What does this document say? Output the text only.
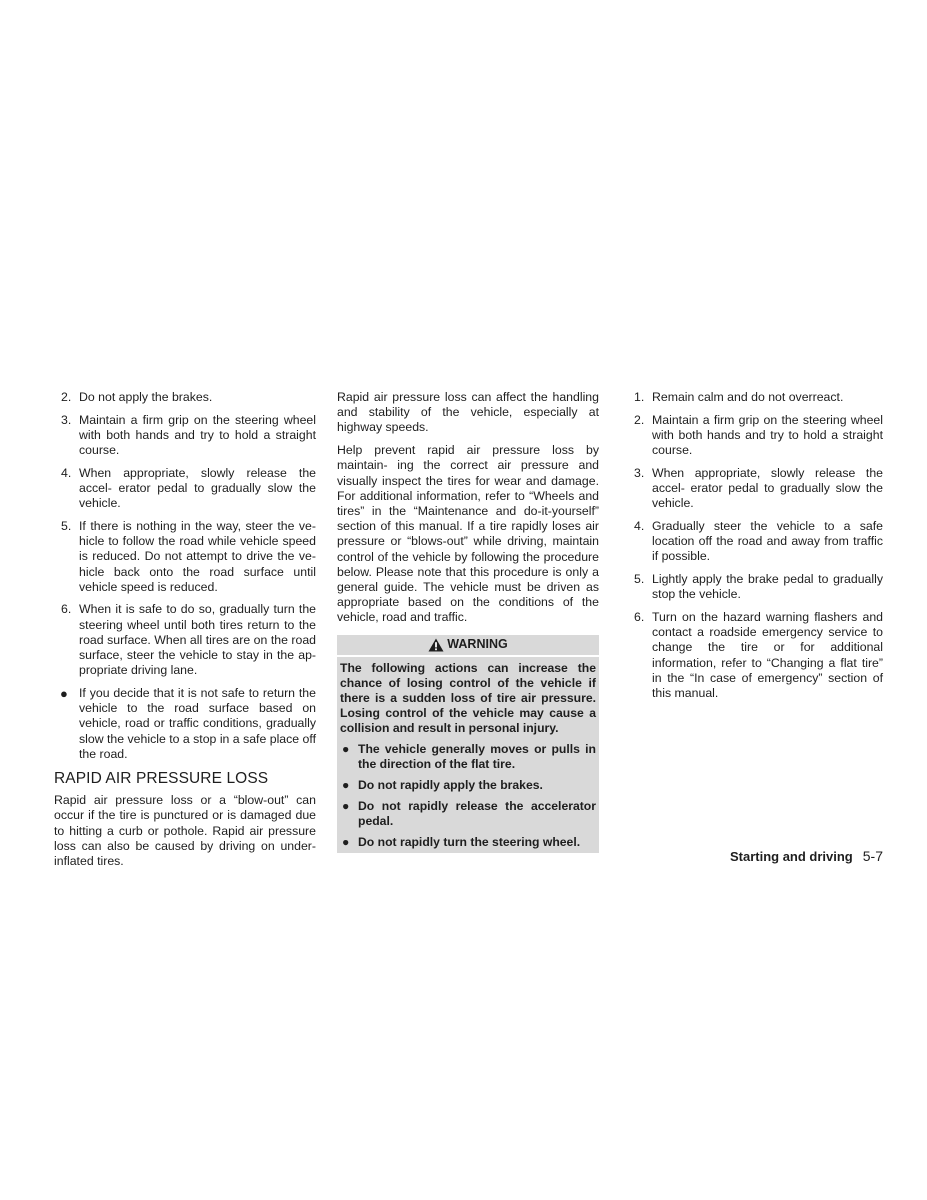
2. Do not apply the brakes.
3. Maintain a firm grip on the steering wheel with both hands and try to hold a straight course.
4. When appropriate, slowly release the accel- erator pedal to gradually slow the vehicle.
5. If there is nothing in the way, steer the ve- hicle to follow the road while vehicle speed is reduced. Do not attempt to drive the ve- hicle back onto the road surface until vehicle speed is reduced.
6. When it is safe to do so, gradually turn the steering wheel until both tires return to the road surface. When all tires are on the road surface, steer the vehicle to stay in the ap- propriate driving lane.
● If you decide that it is not safe to return the vehicle to the road surface based on vehicle, road or traffic conditions, gradually slow the vehicle to a stop in a safe place off the road.
RAPID AIR PRESSURE LOSS

Rapid air pressure loss or a “blow-out” can occur if the tire is punctured or is damaged due to hitting a curb or pothole. Rapid air pressure loss can also be caused by driving on under-inflated tires.

Rapid air pressure loss can affect the handling and stability of the vehicle, especially at highway speeds.

Help prevent rapid air pressure loss by maintain- ing the correct air pressure and visually inspect the tires for wear and damage. For additional information, refer to “Wheels and tires” in the “Maintenance and do-it-yourself” section of this manual. If a tire rapidly loses air pressure or “blows-out” while driving, maintain control of the vehicle by following the procedure below. Please note that this procedure is only a general guide. The vehicle must be driven as appropriate based on the conditions of the vehicle, road and traffic.

WARNING

The following actions can increase the chance of losing control of the vehicle if there is a sudden loss of tire air pressure. Losing control of the vehicle may cause a collision and result in personal injury.

● The vehicle generally moves or pulls in the direction of the flat tire.
● Do not rapidly apply the brakes.
● Do not rapidly release the accelerator pedal.
● Do not rapidly turn the steering wheel.
1. Remain calm and do not overreact.
2. Maintain a firm grip on the steering wheel with both hands and try to hold a straight course.
3. When appropriate, slowly release the accel- erator pedal to gradually slow the vehicle.
4. Gradually steer the vehicle to a safe location off the road and away from traffic if possible.
5. Lightly apply the brake pedal to gradually stop the vehicle.
6. Turn on the hazard warning flashers and contact a roadside emergency service to change the tire or for additional information, refer to “Changing a flat tire” in the “In case of emergency” section of this manual.
Starting and driving 5-7
